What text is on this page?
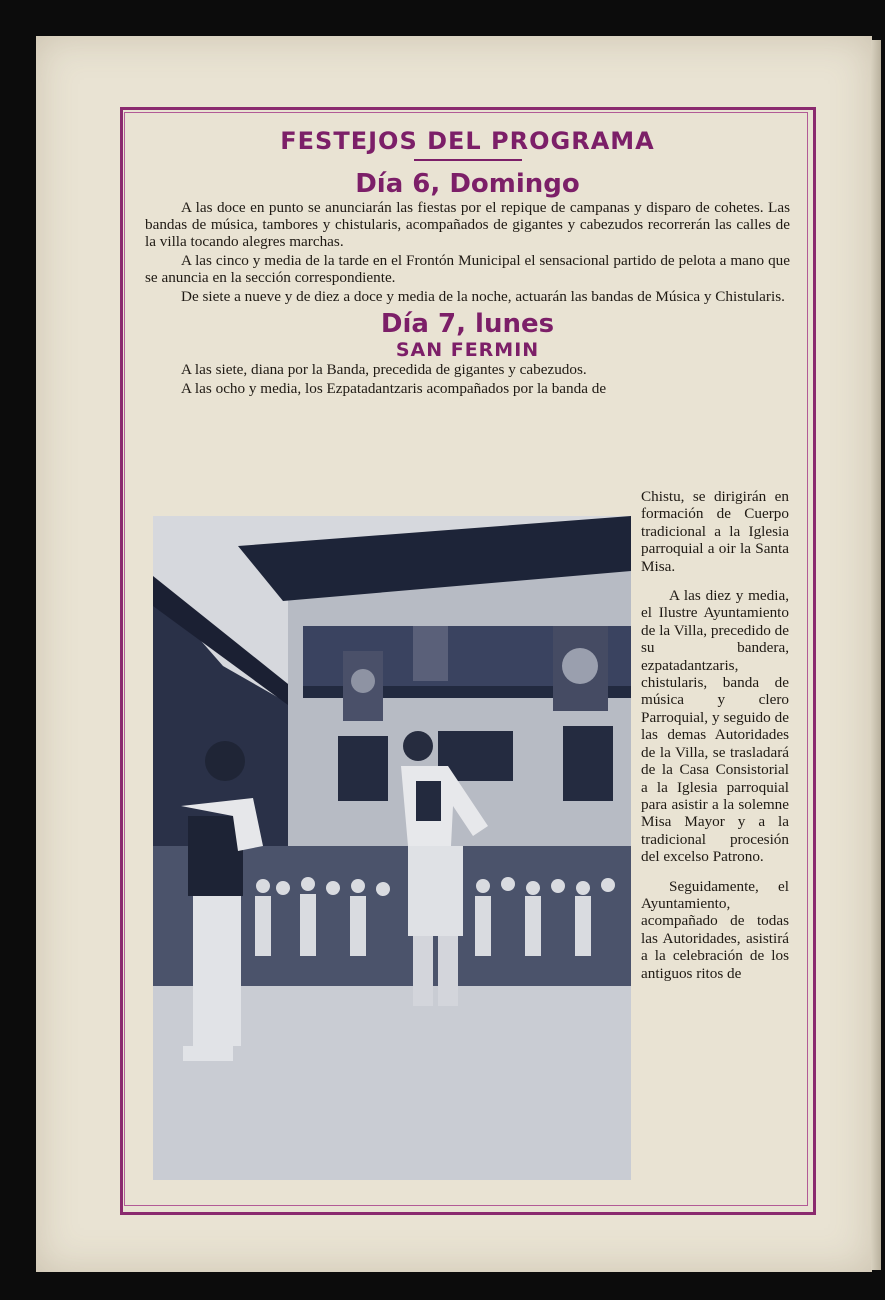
FESTEJOS DEL PROGRAMA
Día 6, Domingo

A las doce en punto se anunciarán las fiestas por el repique de campanas y disparo de cohetes. Las bandas de música, tambores y chistularis, acompañados de gigantes y cabezudos recorrerán las calles de la villa tocando alegres marchas.

A las cinco y media de la tarde en el Frontón Municipal el sensacional partido de pelota a mano que se anuncia en la sección correspondiente.

De siete a nueve y de diez a doce y media de la noche, actuarán las bandas de Música y Chistularis.

Día 7, lunes
SAN FERMIN

A las siete, diana por la Banda, precedida de gigantes y cabezudos.

A las ocho y media, los Ezpatadantzaris acompañados por la banda de

Chistu, se dirigirán en formación de Cuerpo tradicional a la Iglesia parroquial a oir la Santa Misa.

A las diez y media, el Ilustre Ayuntamiento de la Villa, precedido de su bandera, ezpatadantzaris, chistularis, banda de música y clero Parroquial, y seguido de las demas Autoridades de la Villa, se trasladará de la Casa Consistorial a la Iglesia parroquial para asistir a la solemne Misa Mayor y a la tradicional procesión del excelso Patrono.

Seguidamente, el Ayuntamiento, acompañado de todas las Autoridades, asistirá a la celebración de los antiguos ritos de
